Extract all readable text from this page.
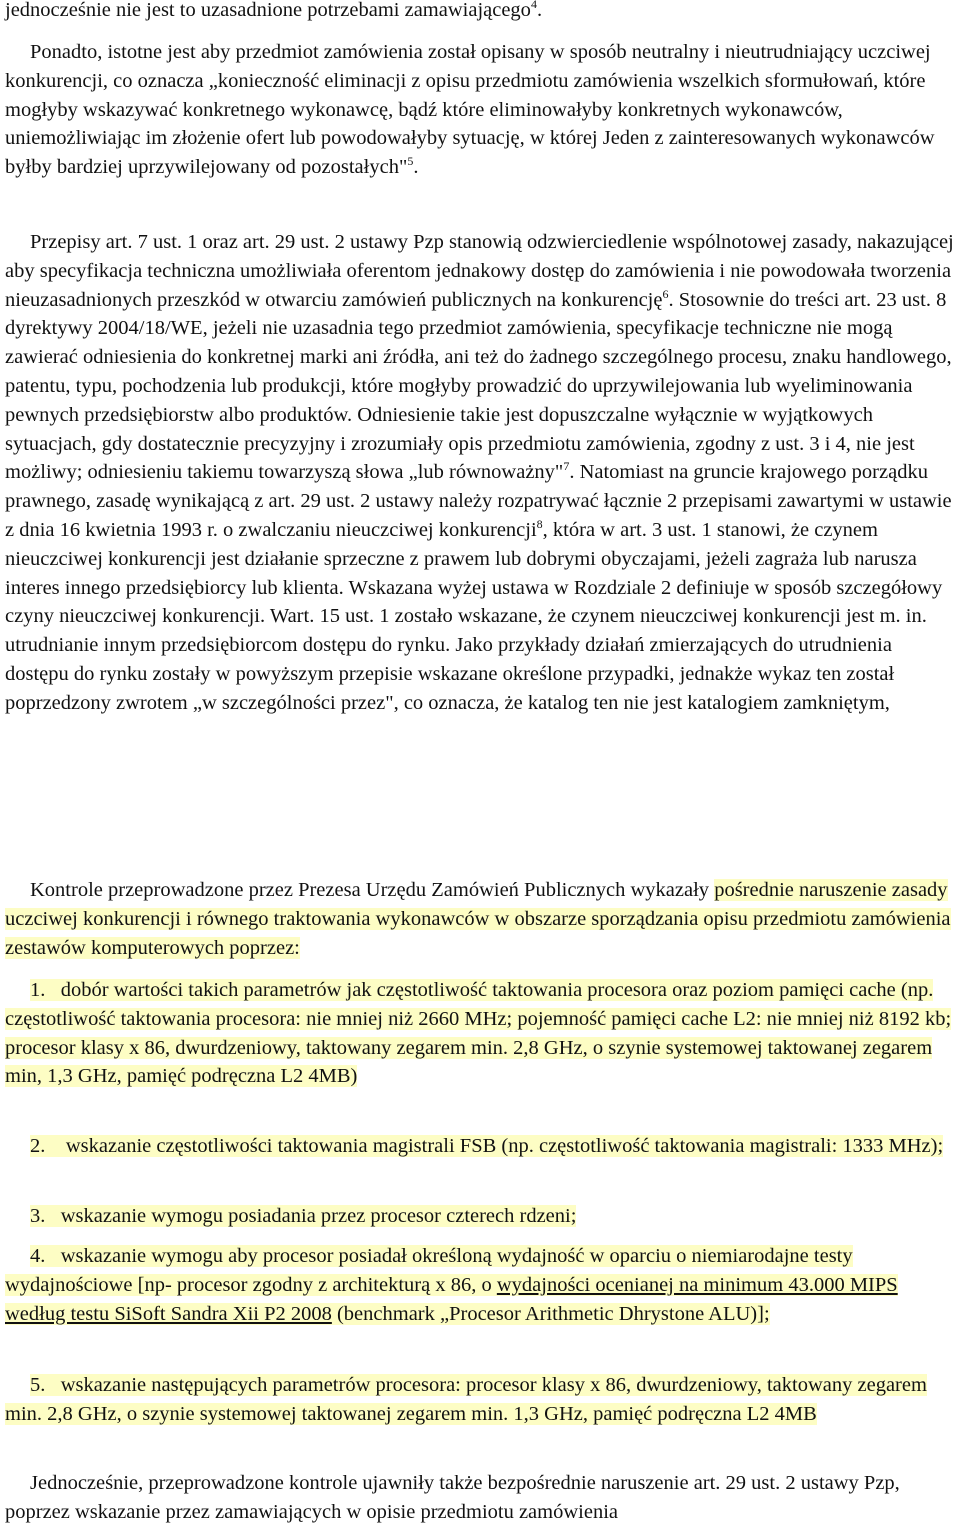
jednocześnie nie jest to uzasadnione potrzebami zamawiającego$^4$.

Ponadto, istotne jest aby przedmiot zamówienia został opisany w sposób neutralny i nieutrudniający uczciwej konkurencji, co oznacza „konieczność eliminacji z opisu przedmiotu zamówienia wszelkich sformułowań, które mogłyby wskazywać konkretnego wykonawcę, bądź które eliminowałyby konkretnych wykonawców, uniemożliwiając im złożenie ofert lub powodowałyby sytuację, w której Jeden z zainteresowanych wykonawców byłby bardziej uprzywilejowany od pozostałych"$^5$.

Przepisy art. 7 ust. 1 oraz art. 29 ust. 2 ustawy Pzp stanowią odzwierciedlenie wspólnotowej zasady, nakazującej aby specyfikacja techniczna umożliwiała oferentom jednakowy dostęp do zamówienia i nie powodowała tworzenia nieuzasadnionych przeszkód w otwarciu zamówień publicznych na konkurencję$^6$. Stosownie do treści art. 23 ust. 8 dyrektywy 2004/18/WE, jeżeli nie uzasadnia tego przedmiot zamówienia, specyfikacje techniczne nie mogą zawierać odniesienia do konkretnej marki ani źródła, ani też do żadnego szczególnego procesu, znaku handlowego, patentu, typu, pochodzenia lub produkcji, które mogłyby prowadzić do uprzywilejowania lub wyeliminowania pewnych przedsiębiorstw albo produktów. Odniesienie takie jest dopuszczalne wyłącznie w wyjątkowych sytuacjach, gdy dostatecznie precyzyjny i zrozumiały opis przedmiotu zamówienia, zgodny z ust. 3 i 4, nie jest możliwy; odniesieniu takiemu towarzyszą słowa „lub równoważny"$^7$. Natomiast na gruncie krajowego porządku prawnego, zasadę wynikającą z art. 29 ust. 2 ustawy należy rozpatrywać łącznie 2 przepisami zawartymi w ustawie z dnia 16 kwietnia 1993 r. o zwalczaniu nieuczciwej konkurencji$^8$, która w art. 3 ust. 1 stanowi, że czynem nieuczciwej konkurencji jest działanie sprzeczne z prawem lub dobrymi obyczajami, jeżeli zagraża lub narusza interes innego przedsiębiorcy lub klienta. Wskazana wyżej ustawa w Rozdziale 2 definiuje w sposób szczegółowy czyny nieuczciwej konkurencji. Wart. 15 ust. 1 zostało wskazane, że czynem nieuczciwej konkurencji jest m. in. utrudnianie innym przedsiębiorcom dostępu do rynku. Jako przykłady działań zmierzających do utrudnienia dostępu do rynku zostały w powyższym przepisie wskazane określone przypadki, jednakże wykaz ten został poprzedzony zwrotem „w szczególności przez", co oznacza, że katalog ten nie jest katalogiem zamkniętym,

Kontrole przeprowadzone przez Prezesa Urzędu Zamówień Publicznych wykazały pośrednie naruszenie zasady uczciwej konkurencji i równego traktowania wykonawców w obszarze sporządzania opisu przedmiotu zamówienia zestawów komputerowych poprzez:

1. dobór wartości takich parametrów jak częstotliwość taktowania procesora oraz poziom pamięci cache (np. częstotliwość taktowania procesora: nie mniej niż 2660 MHz; pojemność pamięci cache L2: nie mniej niż 8192 kb; procesor klasy x 86, dwurdzeniowy, taktowany zegarem min. 2,8 GHz, o szynie systemowej taktowanej zegarem min, 1,3 GHz, pamięć podręczna L2 4MB)

2. wskazanie częstotliwości taktowania magistrali FSB (np. częstotliwość taktowania magistrali: 1333 MHz);

3. wskazanie wymogu posiadania przez procesor czterech rdzeni;

4. wskazanie wymogu aby procesor posiadał określoną wydajność w oparciu o niemiarodajne testy wydajnościowe [np- procesor zgodny z architekturą x 86, o wydajności ocenianej na minimum 43.000 MIPS według testu SiSoft Sandra Xii P2 2008 (benchmark „Procesor Arithmetic Dhrystone ALU)];

5. wskazanie następujących parametrów procesora: procesor klasy x 86, dwurdzeniowy, taktowany zegarem min. 2,8 GHz, o szynie systemowej taktowanej zegarem min. 1,3 GHz, pamięć podręczna L2 4MB

Jednocześnie, przeprowadzone kontrole ujawniły także bezpośrednie naruszenie art. 29 ust. 2 ustawy Pzp, poprzez wskazanie przez zamawiających w opisie przedmiotu zamówienia
